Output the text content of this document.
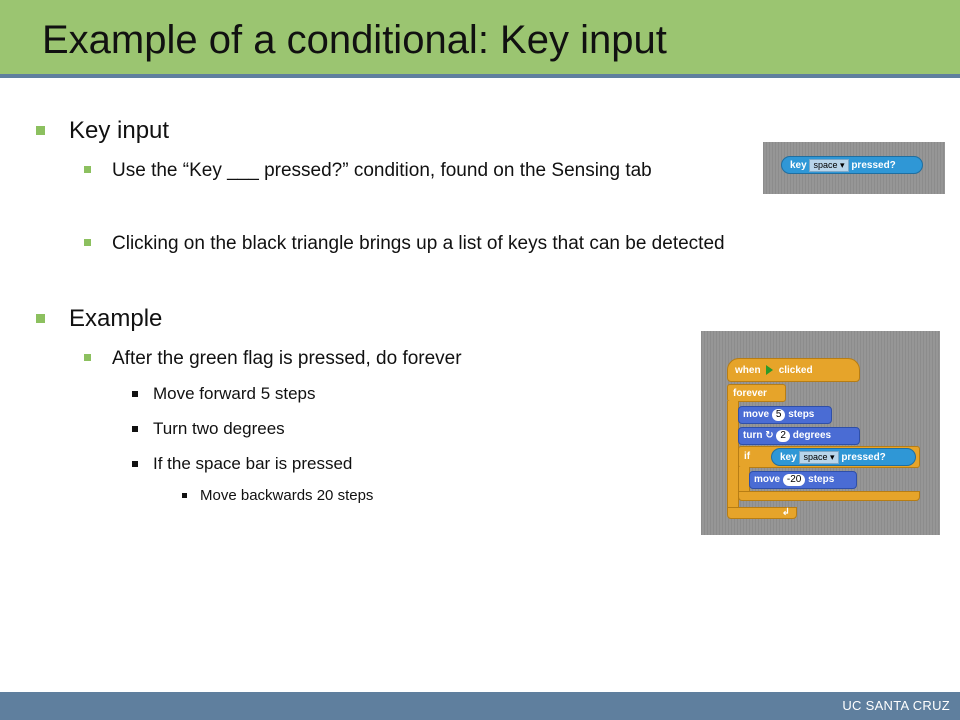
Example of a conditional: Key input
Key input
Use the “Key ___ pressed?” condition, found on the Sensing tab
Clicking on the black triangle brings up a list of keys that can be detected
Example
After the green flag is pressed, do forever
Move forward 5 steps
Turn two degrees
If the space bar is pressed
Move backwards 20 steps
key space ▾ pressed?
when clicked
forever
↲
move 5 steps
turn ↻ 2 degrees
if	key space ▾ pressed?
move -20 steps
UC SANTA CRUZ
